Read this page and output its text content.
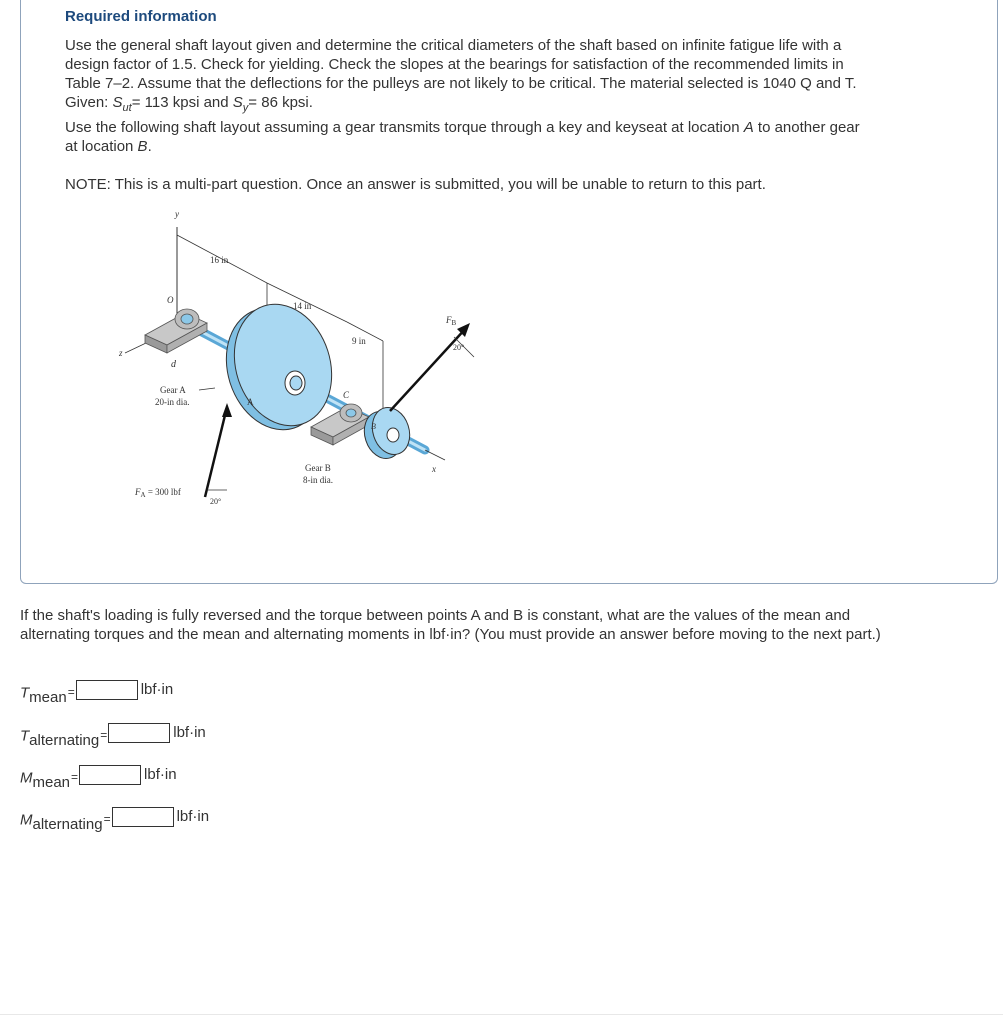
Required information
Use the general shaft layout given and determine the critical diameters of the shaft based on infinite fatigue life with a
design factor of 1.5. Check for yielding. Check the slopes at the bearings for satisfaction of the recommended limits in
Table 7–2. Assume that the deflections for the pulleys are not likely to be critical. The material selected is 1040 Q and T.
Given: $S_{ut}= 113$ kpsi and $S_y= 86$ kpsi.
Use the following shaft layout assuming a gear transmits torque through a key and keyseat at location A to another gear
at location B.
NOTE: This is a multi-part question. Once an answer is submitted, you will be unable to return to this part.
y
16 in
14 in
9 in
O
z
d
x
A
Gear A
20-in dia.
$F_A = 300$ lbf
20°
C
B
Gear B
8-in dia.
$F_B$
20°
If the shaft's loading is fully reversed and the torque between points A and B is constant, what are the values of the mean and
alternating torques and the mean and alternating moments in lbf·in? (You must provide an answer before moving to the next part.)
Tmean=	lbf·in
Talternating=	lbf·in
Mmean=	lbf·in
Malternating=	lbf·in
